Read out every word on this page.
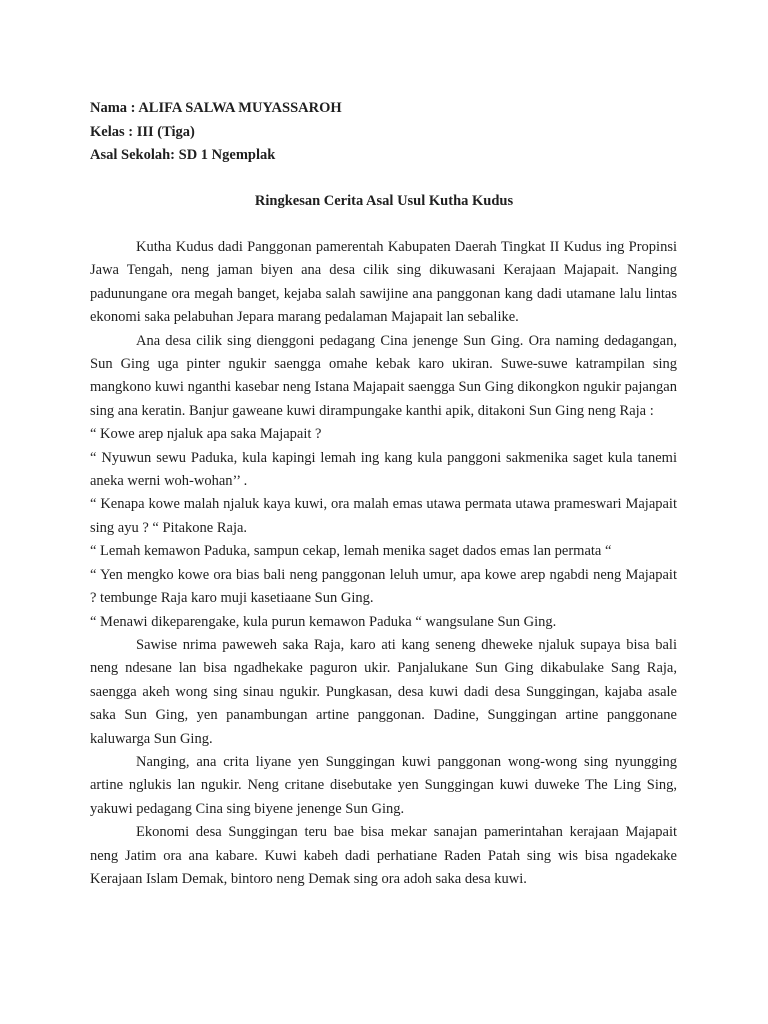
Nama : ALIFA SALWA MUYASSAROH
Kelas : III (Tiga)
Asal Sekolah: SD 1 Ngemplak
Ringkesan Cerita Asal Usul Kutha Kudus

Kutha Kudus dadi Panggonan pamerentah Kabupaten Daerah Tingkat II Kudus ing Propinsi Jawa Tengah, neng jaman biyen ana desa cilik sing dikuwasani Kerajaan Majapait. Nanging padunungane ora megah banget, kejaba salah sawijine ana panggonan kang dadi utamane lalu lintas ekonomi saka pelabuhan Jepara marang pedalaman Majapait lan sebalike.

Ana desa cilik sing dienggoni pedagang Cina jenenge Sun Ging. Ora naming dedagangan, Sun Ging uga pinter ngukir saengga omahe kebak karo ukiran. Suwe-suwe katrampilan sing mangkono kuwi nganthi kasebar neng Istana Majapait saengga Sun Ging dikongkon ngukir pajangan sing ana keratin. Banjur gaweane kuwi dirampungake kanthi apik, ditakoni Sun Ging neng Raja :

“ Kowe arep njaluk apa saka Majapait ?

“ Nyuwun sewu Paduka, kula kapingi lemah ing kang kula panggoni sakmenika saget kula tanemi aneka werni woh-wohan’’ .

“ Kenapa kowe malah njaluk kaya kuwi, ora malah emas utawa permata utawa prameswari Majapait sing ayu ? “ Pitakone Raja.

“ Lemah kemawon Paduka, sampun cekap, lemah menika saget dados emas lan permata “

“ Yen mengko kowe ora bias bali neng panggonan leluh umur, apa kowe arep ngabdi neng Majapait ? tembunge Raja karo muji kasetiaane Sun Ging.

“ Menawi dikeparengake, kula purun kemawon Paduka “ wangsulane Sun Ging.

Sawise nrima paweweh saka Raja, karo ati kang seneng dheweke njaluk supaya bisa bali neng ndesane lan bisa ngadhekake paguron ukir. Panjalukane Sun Ging dikabulake Sang Raja, saengga akeh wong sing sinau ngukir. Pungkasan, desa kuwi dadi desa Sunggingan, kajaba asale saka Sun Ging, yen panambungan artine panggonan. Dadine, Sunggingan artine panggonane kaluwarga Sun Ging.

Nanging, ana crita liyane yen Sunggingan kuwi panggonan wong-wong sing nyungging artine nglukis lan ngukir. Neng critane disebutake yen Sunggingan kuwi duweke The Ling Sing, yakuwi pedagang Cina sing biyene jenenge Sun Ging.

Ekonomi desa Sunggingan teru bae bisa mekar sanajan pamerintahan kerajaan Majapait neng Jatim ora ana kabare. Kuwi kabeh dadi perhatiane Raden Patah sing wis bisa ngadekake Kerajaan Islam Demak, bintoro neng Demak sing ora adoh saka desa kuwi.
